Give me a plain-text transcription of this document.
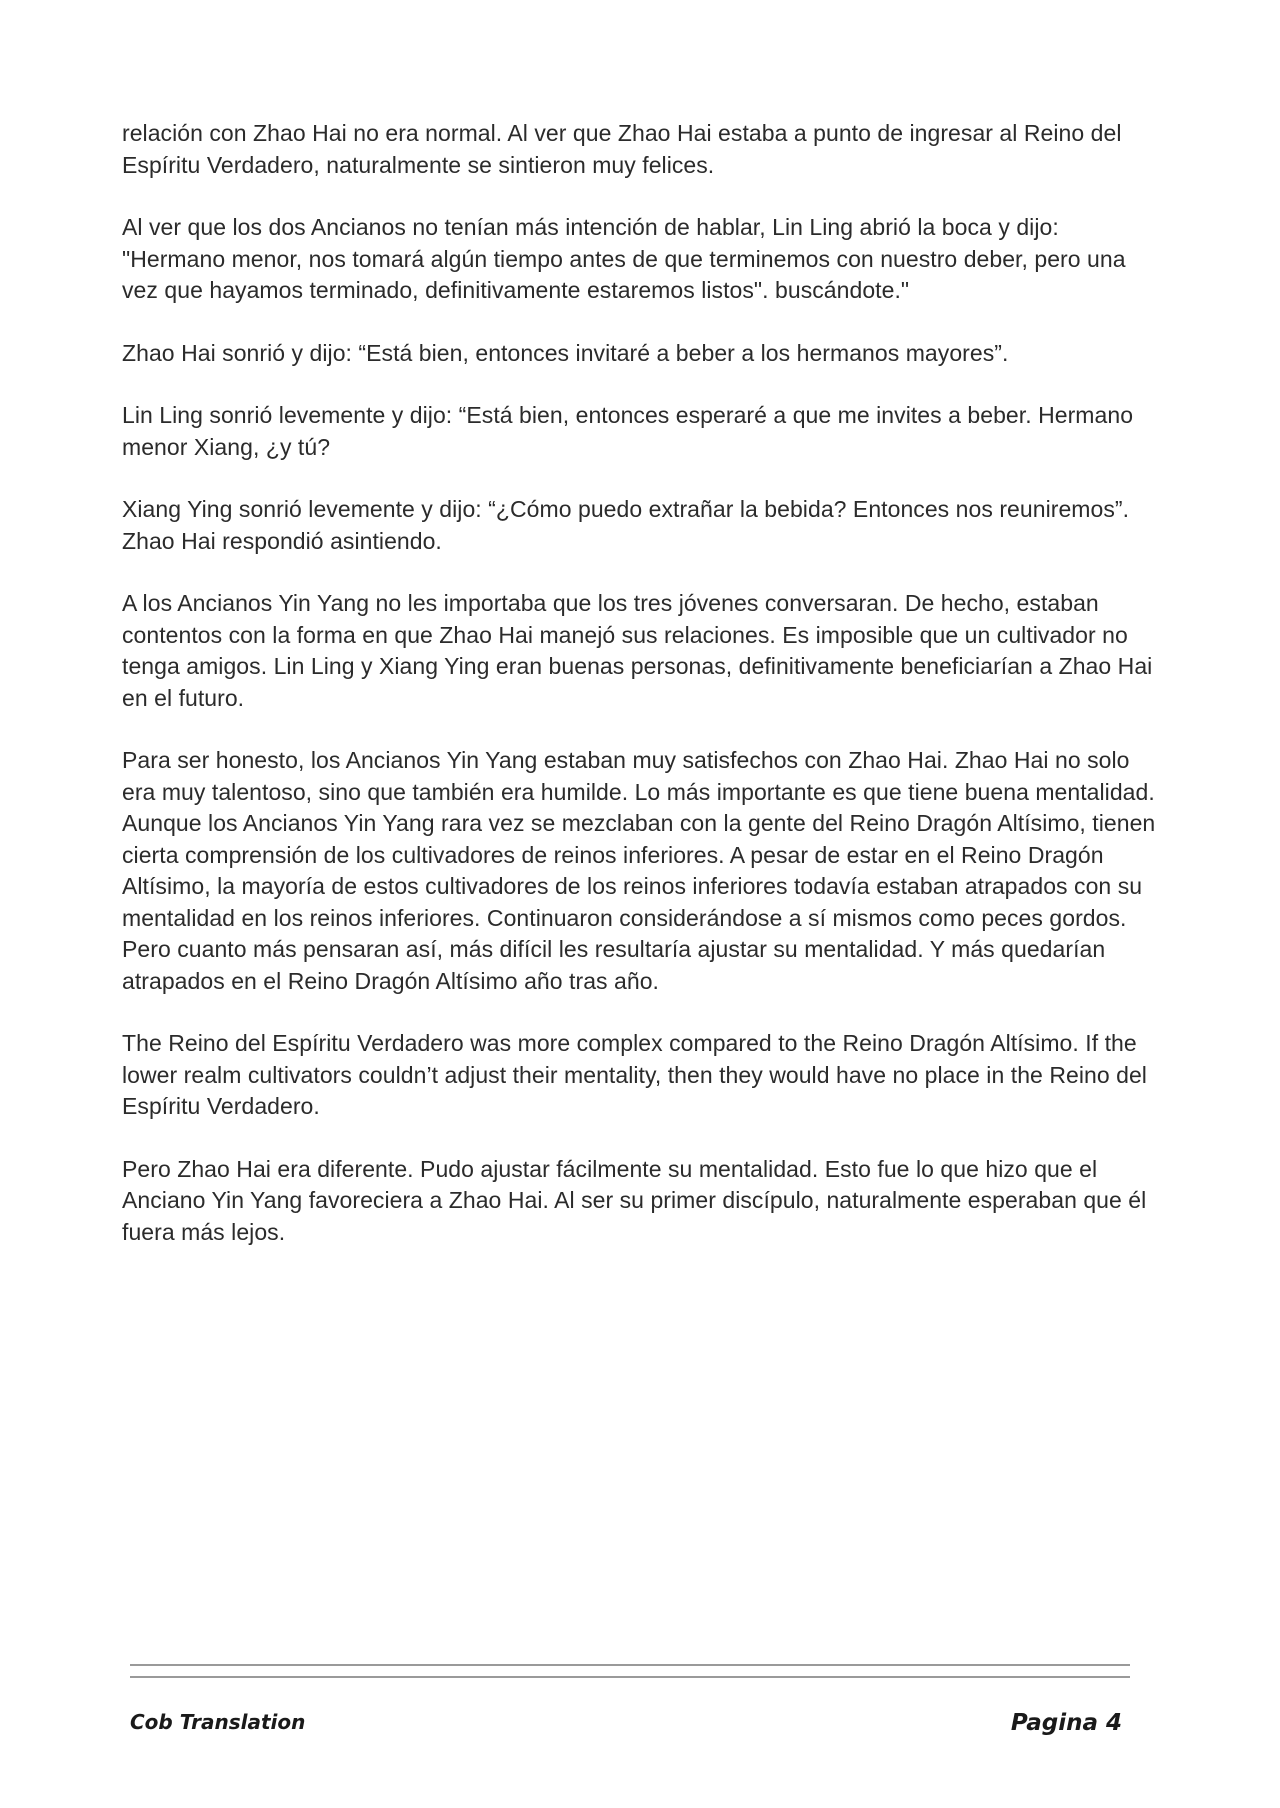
relación con Zhao Hai no era normal. Al ver que Zhao Hai estaba a punto de ingresar al Reino del Espíritu Verdadero, naturalmente se sintieron muy felices.

Al ver que los dos Ancianos no tenían más intención de hablar, Lin Ling abrió la boca y dijo: "Hermano menor, nos tomará algún tiempo antes de que terminemos con nuestro deber, pero una vez que hayamos terminado, definitivamente estaremos listos". buscándote."

Zhao Hai sonrió y dijo: “Está bien, entonces invitaré a beber a los hermanos mayores”.

Lin Ling sonrió levemente y dijo: “Está bien, entonces esperaré a que me invites a beber. Hermano menor Xiang, ¿y tú?

Xiang Ying sonrió levemente y dijo: “¿Cómo puedo extrañar la bebida? Entonces nos reuniremos”. Zhao Hai respondió asintiendo.

A los Ancianos Yin Yang no les importaba que los tres jóvenes conversaran. De hecho, estaban contentos con la forma en que Zhao Hai manejó sus relaciones. Es imposible que un cultivador no tenga amigos. Lin Ling y Xiang Ying eran buenas personas, definitivamente beneficiarían a Zhao Hai en el futuro.

Para ser honesto, los Ancianos Yin Yang estaban muy satisfechos con Zhao Hai. Zhao Hai no solo era muy talentoso, sino que también era humilde. Lo más importante es que tiene buena mentalidad. Aunque los Ancianos Yin Yang rara vez se mezclaban con la gente del Reino Dragón Altísimo, tienen cierta comprensión de los cultivadores de reinos inferiores. A pesar de estar en el Reino Dragón Altísimo, la mayoría de estos cultivadores de los reinos inferiores todavía estaban atrapados con su mentalidad en los reinos inferiores. Continuaron considerándose a sí mismos como peces gordos. Pero cuanto más pensaran así, más difícil les resultaría ajustar su mentalidad. Y más quedarían atrapados en el Reino Dragón Altísimo año tras año.

The Reino del Espíritu Verdadero was more complex compared to the Reino Dragón Altísimo. If the lower realm cultivators couldn’t adjust their mentality, then they would have no place in the Reino del Espíritu Verdadero.

Pero Zhao Hai era diferente. Pudo ajustar fácilmente su mentalidad. Esto fue lo que hizo que el Anciano Yin Yang favoreciera a Zhao Hai. Al ser su primer discípulo, naturalmente esperaban que él fuera más lejos.

Cob Translation	Pagina 4
